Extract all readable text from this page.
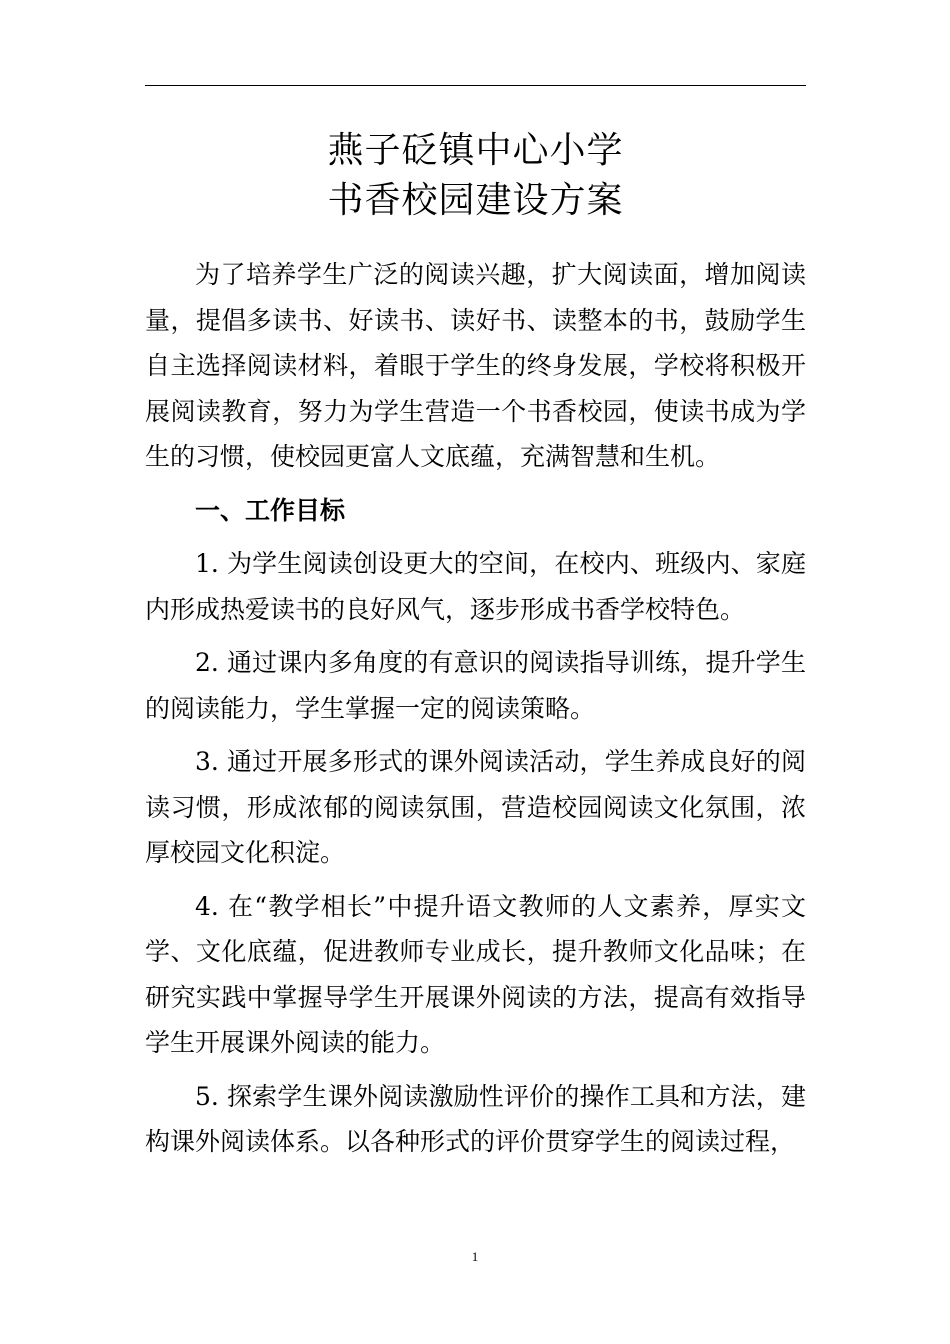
燕子砭镇中心小学
书香校园建设方案

为了培养学生广泛的阅读兴趣，扩大阅读面，增加阅读量，提倡多读书、好读书、读好书、读整本的书，鼓励学生自主选择阅读材料，着眼于学生的终身发展，学校将积极开展阅读教育，努力为学生营造一个书香校园，使读书成为学生的习惯，使校园更富人文底蕴，充满智慧和生机。

一、工作目标

1. 为学生阅读创设更大的空间，在校内、班级内、家庭内形成热爱读书的良好风气，逐步形成书香学校特色。

2. 通过课内多角度的有意识的阅读指导训练，提升学生的阅读能力，学生掌握一定的阅读策略。

3. 通过开展多形式的课外阅读活动，学生养成良好的阅读习惯，形成浓郁的阅读氛围，营造校园阅读文化氛围，浓厚校园文化积淀。

4. 在“教学相长”中提升语文教师的人文素养，厚实文学、文化底蕴，促进教师专业成长，提升教师文化品味；在研究实践中掌握导学生开展课外阅读的方法，提高有效指导学生开展课外阅读的能力。

5. 探索学生课外阅读激励性评价的操作工具和方法，建构课外阅读体系。以各种形式的评价贯穿学生的阅读过程，

1
